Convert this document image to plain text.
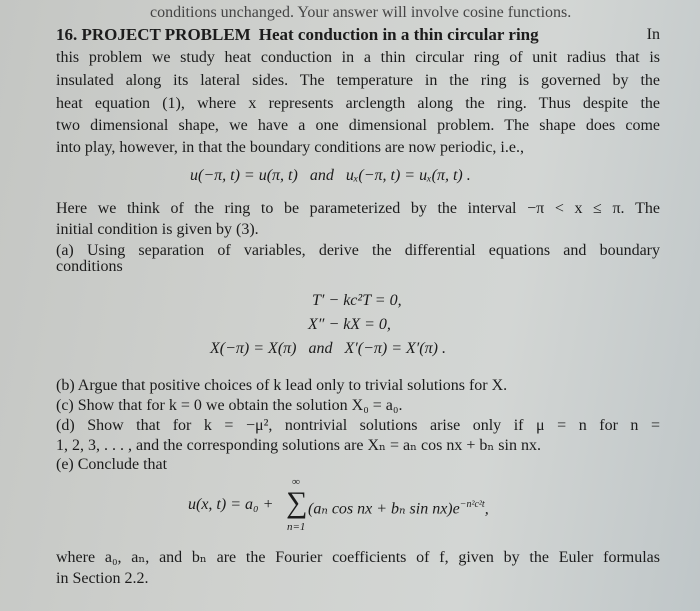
conditions unchanged. Your answer will involve cosine functions.
16. PROJECT PROBLEM Heat conduction in a thin circular ring	In
this problem we study heat conduction in a thin circular ring of unit radius that is
insulated along its lateral sides. The temperature in the ring is governed by the
heat equation (1), where x represents arclength along the ring. Thus despite the
two dimensional shape, we have a one dimensional problem. The shape does come
into play, however, in that the boundary conditions are now periodic, i.e.,
u(−π, t) = u(π, t)   and   uₓ(−π, t) = uₓ(π, t) .
Here we think of the ring to be parameterized by the interval −π < x ≤ π. The
initial condition is given by (3).
(a) Using separation of variables, derive the differential equations and boundary
conditions
T′ − kc²T = 0,
X″ − kX = 0,
X(−π) = X(π)   and   X′(−π) = X′(π) .
(b) Argue that positive choices of k lead only to trivial solutions for X.
(c) Show that for k = 0 we obtain the solution X₀ = a₀.
(d) Show that for k = −μ², nontrivial solutions arise only if μ = n for n =
1, 2, 3, . . . , and the corresponding solutions are Xₙ = aₙ cos nx + bₙ sin nx.
(e) Conclude that
u(x, t) = a₀ +
∞
∑
n=1
(aₙ cos nx + bₙ $\sin nx)e^{-n^2c^2t}$,
where a₀, aₙ, and bₙ are the Fourier coefficients of f, given by the Euler formulas
in Section 2.2.
